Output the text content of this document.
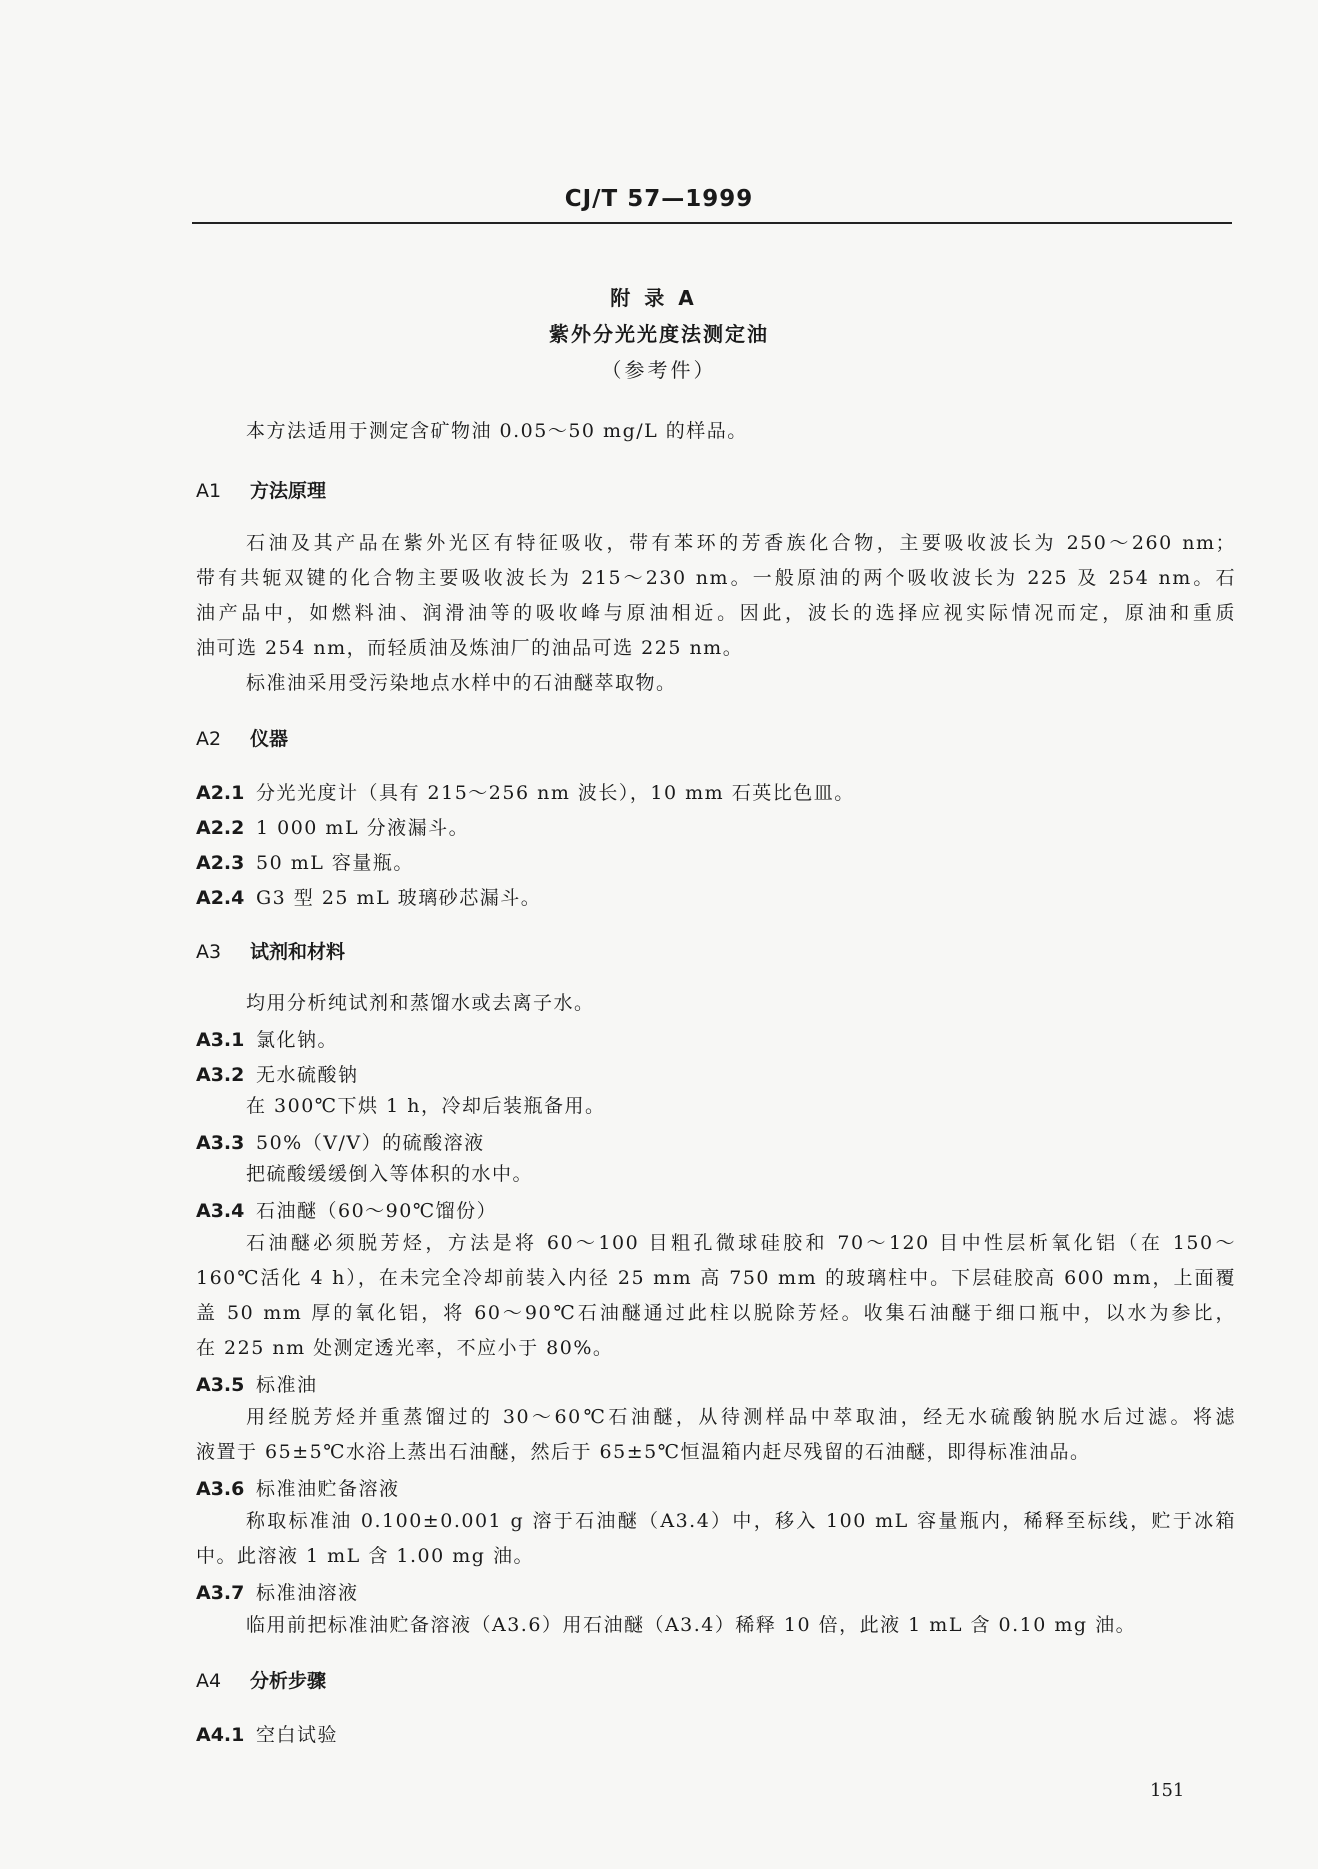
CJ/T 57—1999
附录A
紫外分光光度法测定油
（参考件）
本方法适用于测定含矿物油 0.05～50 mg/L 的样品。
A1 方法原理
石油及其产品在紫外光区有特征吸收，带有苯环的芳香族化合物，主要吸收波长为 250～260 nm；
带有共轭双键的化合物主要吸收波长为 215～230 nm。一般原油的两个吸收波长为 225 及 254 nm。石
油产品中，如燃料油、润滑油等的吸收峰与原油相近。因此，波长的选择应视实际情况而定，原油和重质
油可选 254 nm，而轻质油及炼油厂的油品可选 225 nm。
标准油采用受污染地点水样中的石油醚萃取物。
A2 仪器
A2.1 分光光度计（具有 215～256 nm 波长），10 mm 石英比色皿。
A2.2 1 000 mL 分液漏斗。
A2.3 50 mL 容量瓶。
A2.4 G3 型 25 mL 玻璃砂芯漏斗。
A3 试剂和材料
均用分析纯试剂和蒸馏水或去离子水。
A3.1 氯化钠。
A3.2 无水硫酸钠
在 300℃下烘 1 h，冷却后装瓶备用。
A3.3 50%（V/V）的硫酸溶液
把硫酸缓缓倒入等体积的水中。
A3.4 石油醚（60～90℃馏份）
石油醚必须脱芳烃，方法是将 60～100 目粗孔微球硅胶和 70～120 目中性层析氧化铝（在 150～
160℃活化 4 h），在未完全冷却前装入内径 25 mm 高 750 mm 的玻璃柱中。下层硅胶高 600 mm，上面覆
盖 50 mm 厚的氧化铝，将 60～90℃石油醚通过此柱以脱除芳烃。收集石油醚于细口瓶中，以水为参比，
在 225 nm 处测定透光率，不应小于 80%。
A3.5 标准油
用经脱芳烃并重蒸馏过的 30～60℃石油醚，从待测样品中萃取油，经无水硫酸钠脱水后过滤。将滤
液置于 65±5℃水浴上蒸出石油醚，然后于 65±5℃恒温箱内赶尽残留的石油醚，即得标准油品。
A3.6 标准油贮备溶液
称取标准油 0.100±0.001 g 溶于石油醚（A3.4）中，移入 100 mL 容量瓶内，稀释至标线，贮于冰箱
中。此溶液 1 mL 含 1.00 mg 油。
A3.7 标准油溶液
临用前把标准油贮备溶液（A3.6）用石油醚（A3.4）稀释 10 倍，此液 1 mL 含 0.10 mg 油。
A4 分析步骤
A4.1 空白试验
151
